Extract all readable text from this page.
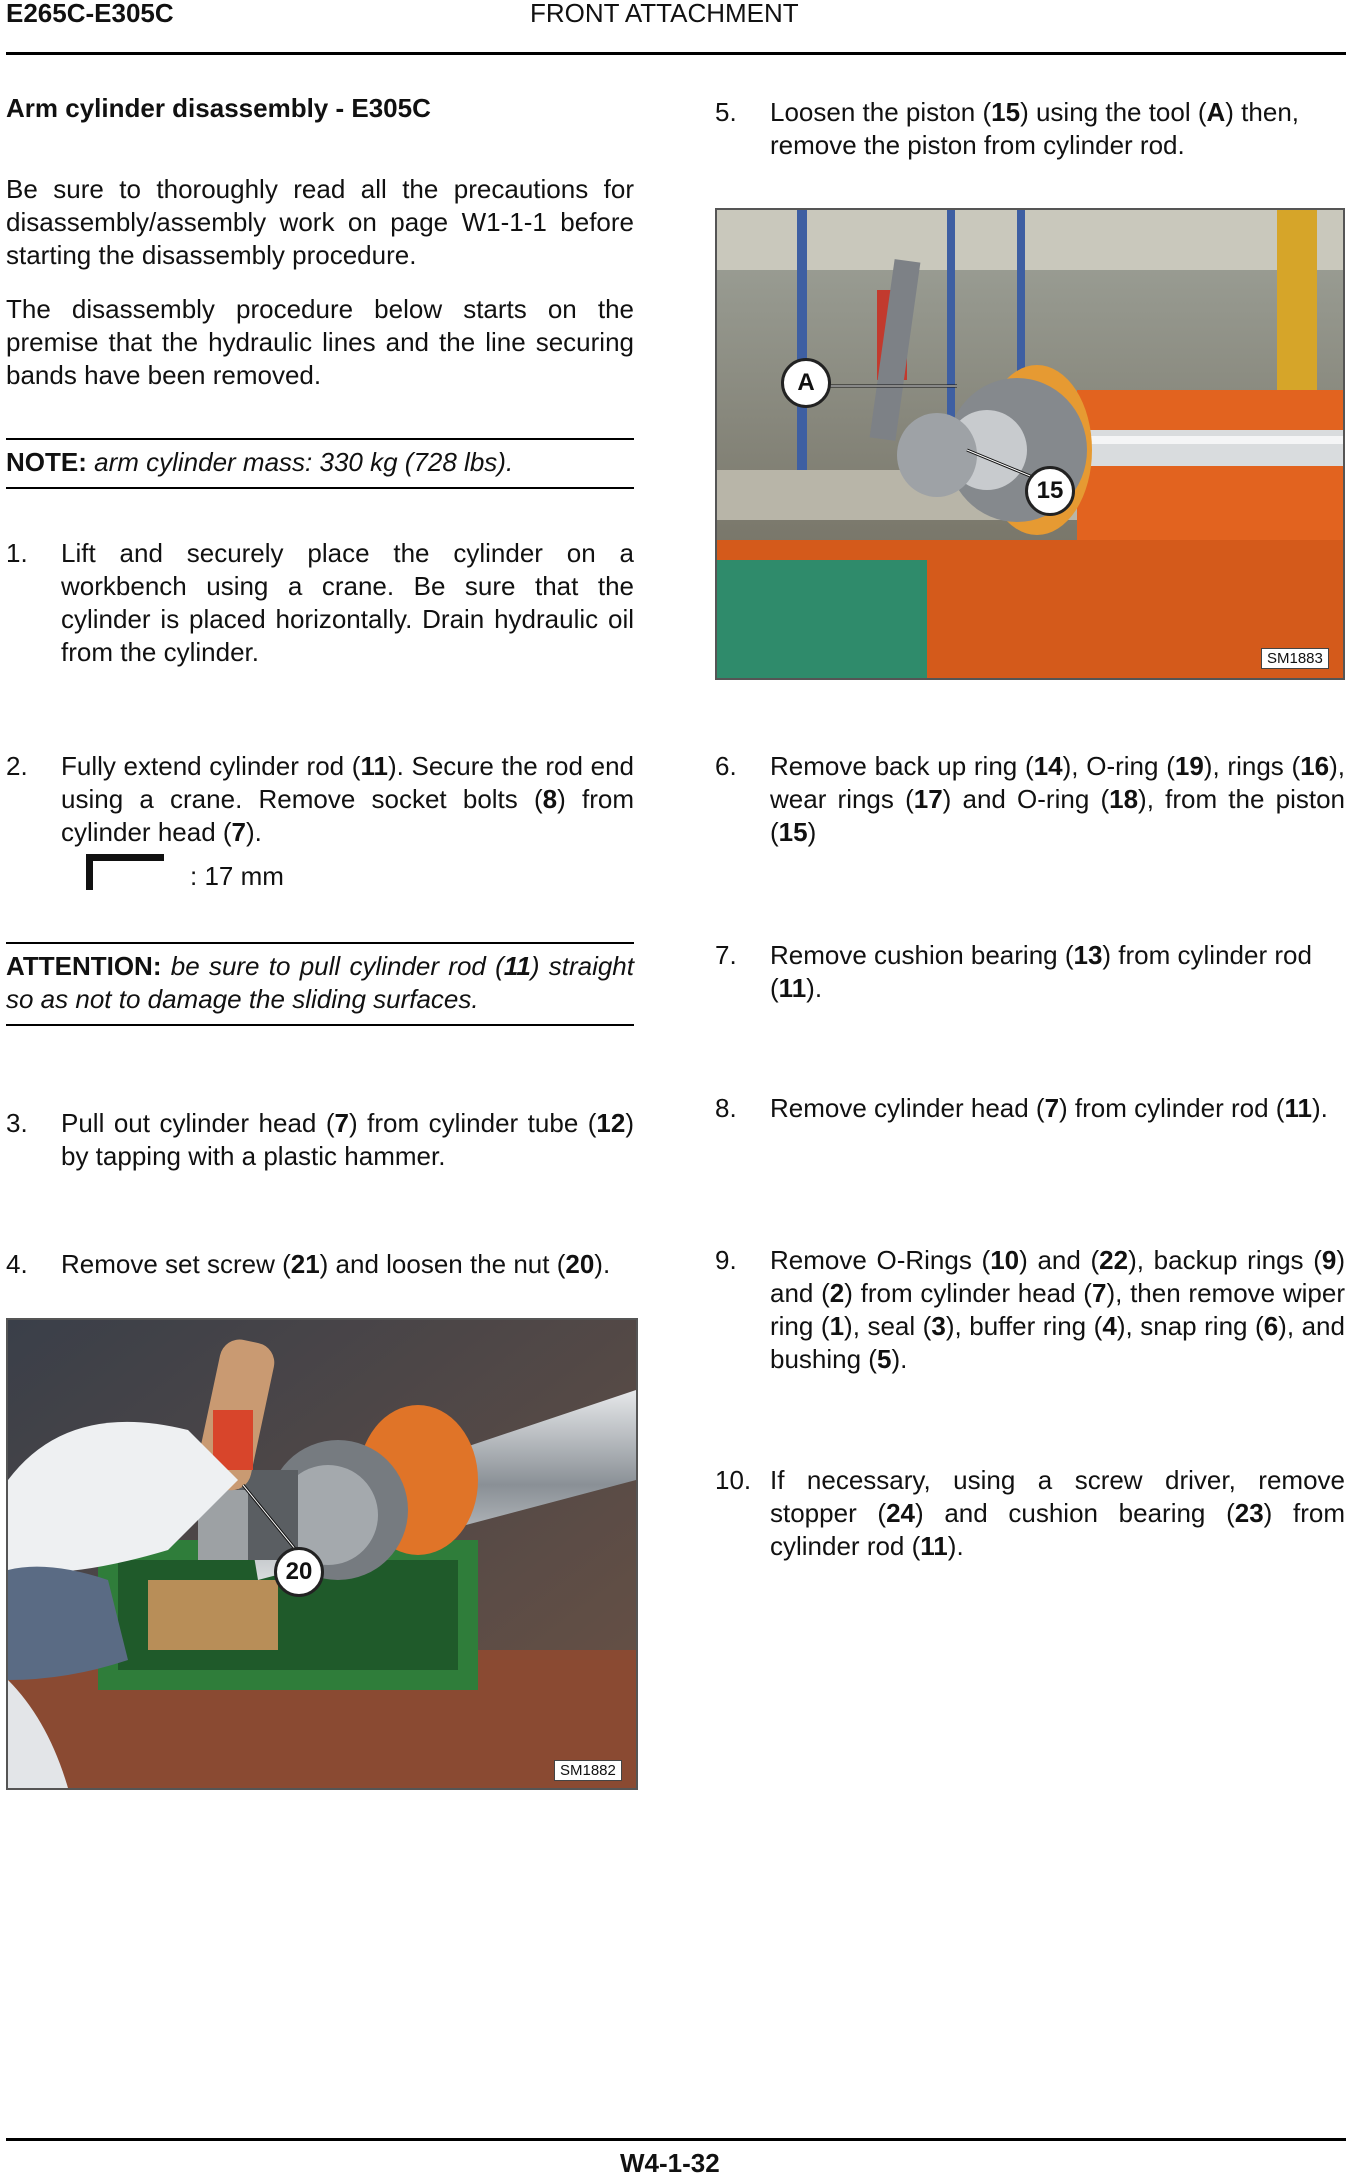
E265C-E305C	FRONT ATTACHMENT
Arm cylinder disassembly - E305C
Be sure to thoroughly read all the precautions for disassembly/assembly work on page W1-1-1 before starting the disassembly procedure.
The disassembly procedure below starts on the premise that the hydraulic lines and the line securing bands have been removed.
NOTE: arm cylinder mass: 330 kg (728 lbs).
1. Lift and securely place the cylinder on a workbench using a crane. Be sure that the cylinder is placed horizontally. Drain hydraulic oil from the cylinder.
2. Fully extend cylinder rod (11). Secure the rod end using a crane. Remove socket bolts (8) from cylinder head (7).
: 17 mm
ATTENTION: be sure to pull cylinder rod (11) straight so as not to damage the sliding surfaces.
3. Pull out cylinder head (7) from cylinder tube (12) by tapping with a plastic hammer.
4. Remove set screw (21) and loosen the nut (20).
20
SM1882
5. Loosen the piston (15) using the tool (A) then, remove the piston from cylinder rod.
A
15
SM1883
6. Remove back up ring (14), O-ring (19), rings (16), wear rings (17) and O-ring (18), from the piston (15)
7. Remove cushion bearing (13) from cylinder rod (11).
8. Remove cylinder head (7) from cylinder rod (11).
9. Remove O-Rings (10) and (22), backup rings (9) and (2) from cylinder head (7), then remove wiper ring (1), seal (3), buffer ring (4), snap ring (6), and bushing (5).
10. If necessary, using a screw driver, remove stopper (24) and cushion bearing (23) from cylinder rod (11).
W4-1-32
